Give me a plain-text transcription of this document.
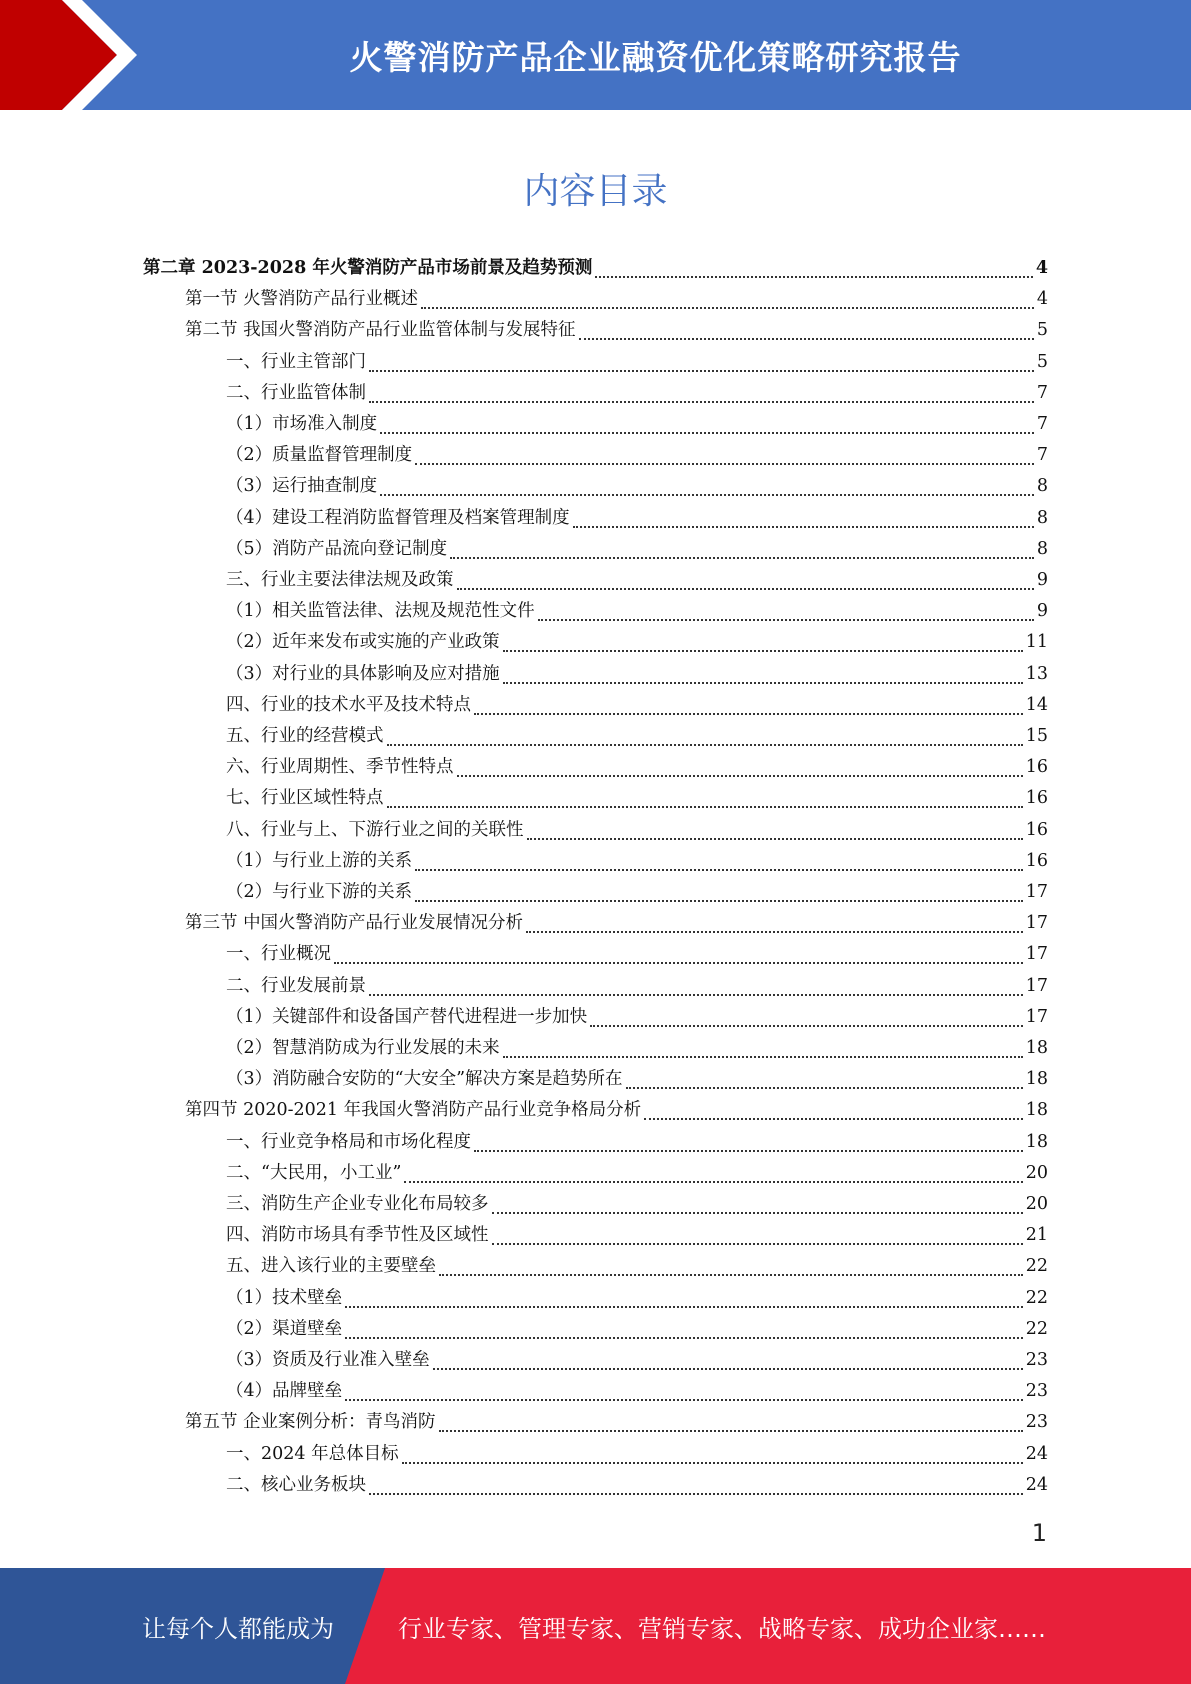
火警消防产品企业融资优化策略研究报告
内容目录
第二章 2023-2028 年火警消防产品市场前景及趋势预测	4
第一节 火警消防产品行业概述	4
第二节 我国火警消防产品行业监管体制与发展特征	5
一、行业主管部门	5
二、行业监管体制	7
（1）市场准入制度	7
（2）质量监督管理制度	7
（3）运行抽查制度	8
（4）建设工程消防监督管理及档案管理制度	8
（5）消防产品流向登记制度	8
三、行业主要法律法规及政策	9
（1）相关监管法律、法规及规范性文件	9
（2）近年来发布或实施的产业政策	11
（3）对行业的具体影响及应对措施	13
四、行业的技术水平及技术特点	14
五、行业的经营模式	15
六、行业周期性、季节性特点	16
七、行业区域性特点	16
八、行业与上、下游行业之间的关联性	16
（1）与行业上游的关系	16
（2）与行业下游的关系	17
第三节 中国火警消防产品行业发展情况分析	17
一、行业概况	17
二、行业发展前景	17
（1）关键部件和设备国产替代进程进一步加快	17
（2）智慧消防成为行业发展的未来	18
（3）消防融合安防的“大安全”解决方案是趋势所在	18
第四节 2020-2021 年我国火警消防产品行业竞争格局分析	18
一、行业竞争格局和市场化程度	18
二、“大民用，小工业”	20
三、消防生产企业专业化布局较多	20
四、消防市场具有季节性及区域性	21
五、进入该行业的主要壁垒	22
（1）技术壁垒	22
（2）渠道壁垒	22
（3）资质及行业准入壁垒	23
（4）品牌壁垒	23
第五节 企业案例分析：青鸟消防	23
一、2024 年总体目标	24
二、核心业务板块	24
1
让每个人都能成为	行业专家、管理专家、营销专家、战略专家、成功企业家……
